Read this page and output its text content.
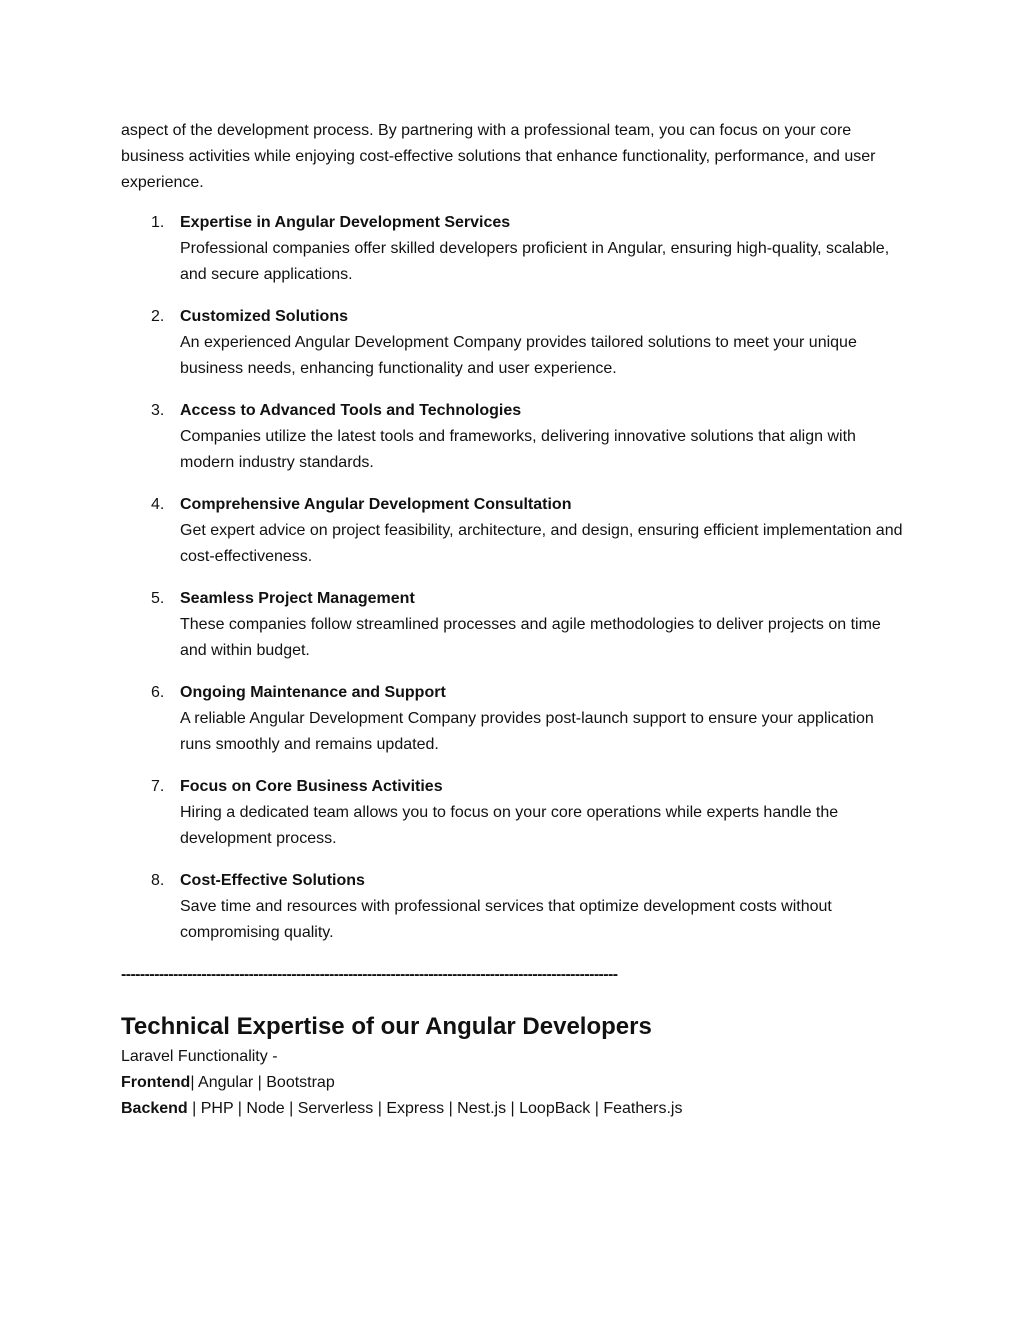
aspect of the development process. By partnering with a professional team, you can focus on your core business activities while enjoying cost-effective solutions that enhance functionality, performance, and user experience.

1. Expertise in Angular Development Services
Professional companies offer skilled developers proficient in Angular, ensuring high-quality, scalable, and secure applications.
2. Customized Solutions
An experienced Angular Development Company provides tailored solutions to meet your unique business needs, enhancing functionality and user experience.
3. Access to Advanced Tools and Technologies
Companies utilize the latest tools and frameworks, delivering innovative solutions that align with modern industry standards.
4. Comprehensive Angular Development Consultation
Get expert advice on project feasibility, architecture, and design, ensuring efficient implementation and cost-effectiveness.
5. Seamless Project Management
These companies follow streamlined processes and agile methodologies to deliver projects on time and within budget.
6. Ongoing Maintenance and Support
A reliable Angular Development Company provides post-launch support to ensure your application runs smoothly and remains updated.
7. Focus on Core Business Activities
Hiring a dedicated team allows you to focus on your core operations while experts handle the development process.
8. Cost-Effective Solutions
Save time and resources with professional services that optimize development costs without compromising quality.

---------------------------------------------------------------------------------------------------------

Technical Expertise of our Angular Developers

Laravel Functionality -

Frontend| Angular | Bootstrap

Backend | PHP | Node | Serverless | Express | Nest.js | LoopBack | Feathers.js
